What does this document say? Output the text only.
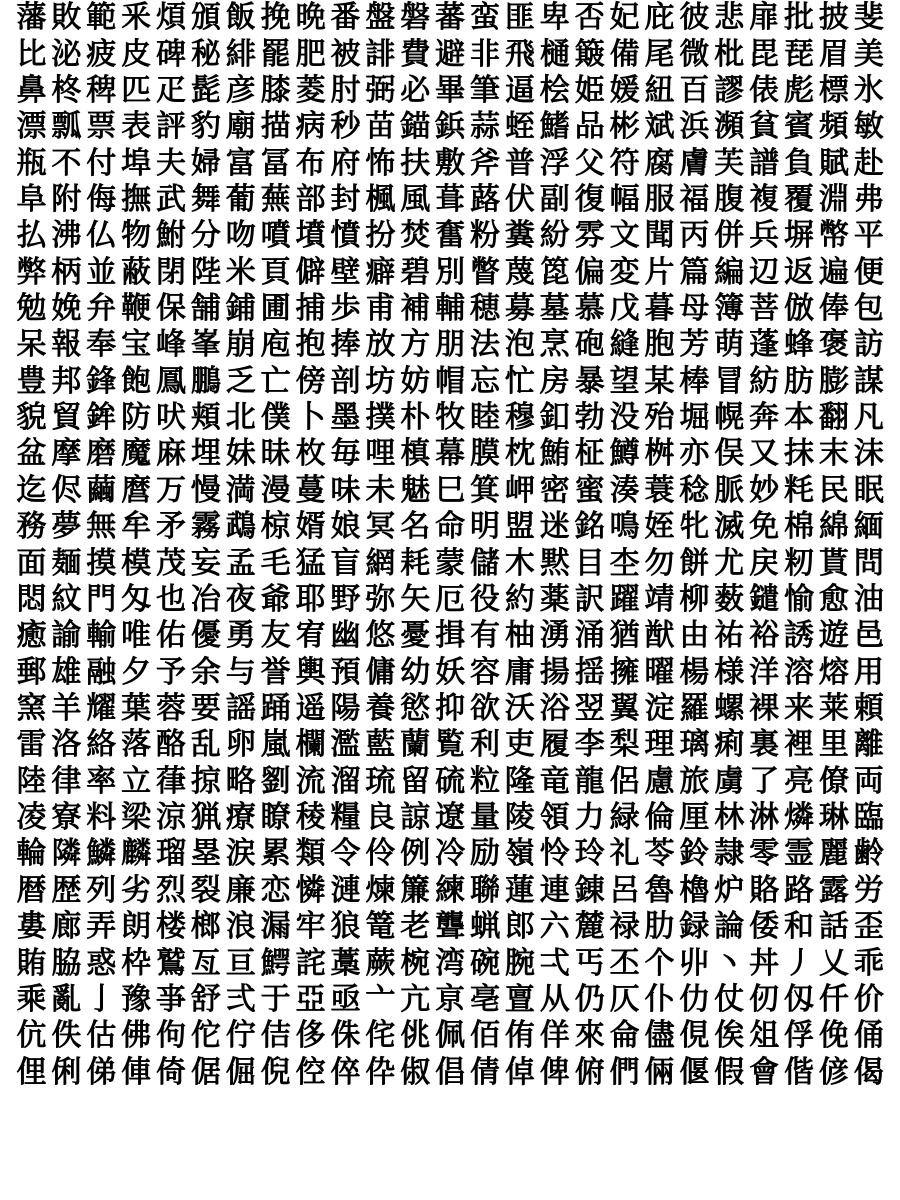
藩 敗 範 釆 煩 頒 飯 挽 晩 番 盤 磐 蕃 蛮 匪 卑 否 妃 庇 彼 悲 扉 批 披 斐
比 泌 疲 皮 碑 秘 緋 罷 肥 被 誹 費 避 非 飛 樋 簸 備 尾 微 枇 毘 琵 眉 美
鼻 柊 稗 匹 疋 髭 彦 膝 菱 肘 弼 必 畢 筆 逼 桧 姫 媛 紐 百 謬 俵 彪 標 氷
漂 瓢 票 表 評 豹 廟 描 病 秒 苗 錨 鋲 蒜 蛭 鰭 品 彬 斌 浜 瀕 貧 賓 頻 敏
瓶 不 付 埠 夫 婦 富 冨 布 府 怖 扶 敷 斧 普 浮 父 符 腐 膚 芙 譜 負 賦 赴
阜 附 侮 撫 武 舞 葡 蕪 部 封 楓 風 葺 蕗 伏 副 復 幅 服 福 腹 複 覆 淵 弗
払 沸 仏 物 鮒 分 吻 噴 墳 憤 扮 焚 奮 粉 糞 紛 雰 文 聞 丙 併 兵 塀 幣 平
弊 柄 並 蔽 閉 陛 米 頁 僻 壁 癖 碧 別 瞥 蔑 箆 偏 変 片 篇 編 辺 返 遍 便
勉 娩 弁 鞭 保 舗 鋪 圃 捕 歩 甫 補 輔 穂 募 墓 慕 戊 暮 母 簿 菩 倣 俸 包
呆 報 奉 宝 峰 峯 崩 庖 抱 捧 放 方 朋 法 泡 烹 砲 縫 胞 芳 萌 蓬 蜂 褒 訪
豊 邦 鋒 飽 鳳 鵬 乏 亡 傍 剖 坊 妨 帽 忘 忙 房 暴 望 某 棒 冒 紡 肪 膨 謀
貌 貿 鉾 防 吠 頬 北 僕 卜 墨 撲 朴 牧 睦 穆 釦 勃 没 殆 堀 幌 奔 本 翻 凡
盆 摩 磨 魔 麻 埋 妹 昧 枚 毎 哩 槙 幕 膜 枕 鮪 柾 鱒 桝 亦 俣 又 抹 末 沫
迄 侭 繭 麿 万 慢 満 漫 蔓 味 未 魅 巳 箕 岬 密 蜜 湊 蓑 稔 脈 妙 粍 民 眠
務 夢 無 牟 矛 霧 鵡 椋 婿 娘 冥 名 命 明 盟 迷 銘 鳴 姪 牝 滅 免 棉 綿 緬
面 麺 摸 模 茂 妄 孟 毛 猛 盲 網 耗 蒙 儲 木 黙 目 杢 勿 餅 尤 戻 籾 貰 問
悶 紋 門 匁 也 冶 夜 爺 耶 野 弥 矢 厄 役 約 薬 訳 躍 靖 柳 薮 鑓 愉 愈 油
癒 諭 輸 唯 佑 優 勇 友 宥 幽 悠 憂 揖 有 柚 湧 涌 猶 猷 由 祐 裕 誘 遊 邑
郵 雄 融 夕 予 余 与 誉 輿 預 傭 幼 妖 容 庸 揚 揺 擁 曜 楊 様 洋 溶 熔 用
窯 羊 耀 葉 蓉 要 謡 踊 遥 陽 養 慾 抑 欲 沃 浴 翌 翼 淀 羅 螺 裸 来 莱 頼
雷 洛 絡 落 酪 乱 卵 嵐 欄 濫 藍 蘭 覧 利 吏 履 李 梨 理 璃 痢 裏 裡 里 離
陸 律 率 立 葎 掠 略 劉 流 溜 琉 留 硫 粒 隆 竜 龍 侶 慮 旅 虜 了 亮 僚 両
凌 寮 料 梁 涼 猟 療 瞭 稜 糧 良 諒 遼 量 陵 領 力 緑 倫 厘 林 淋 燐 琳 臨
輪 隣 鱗 麟 瑠 塁 涙 累 類 令 伶 例 冷 励 嶺 怜 玲 礼 苓 鈴 隷 零 霊 麗 齢
暦 歴 列 劣 烈 裂 廉 恋 憐 漣 煉 簾 練 聯 蓮 連 錬 呂 魯 櫓 炉 賂 路 露 労
婁 廊 弄 朗 楼 榔 浪 漏 牢 狼 篭 老 聾 蝋 郎 六 麓 禄 肋 録 論 倭 和 話 歪
賄 脇 惑 枠 鷲 亙 亘 鰐 詫 藁 蕨 椀 湾 碗 腕 弌 丐 丕 个 丱 丶 丼 丿 乂 乖
乘 亂 亅 豫 亊 舒 弍 于 亞 亟 亠 亢 亰 亳 亶 从 仍 仄 仆 仂 仗 仞 仭 仟 价
伉 佚 估 佛 佝 佗 佇 佶 侈 侏 侘 佻 佩 佰 侑 佯 來 侖 儘 俔 俟 俎 俘 俛 俑
俚 俐 俤 俥 倚 倨 倔 倪 倥 倅 伜 俶 倡 倩 倬 俾 俯 們 倆 偃 假 會 偕 偐 偈
